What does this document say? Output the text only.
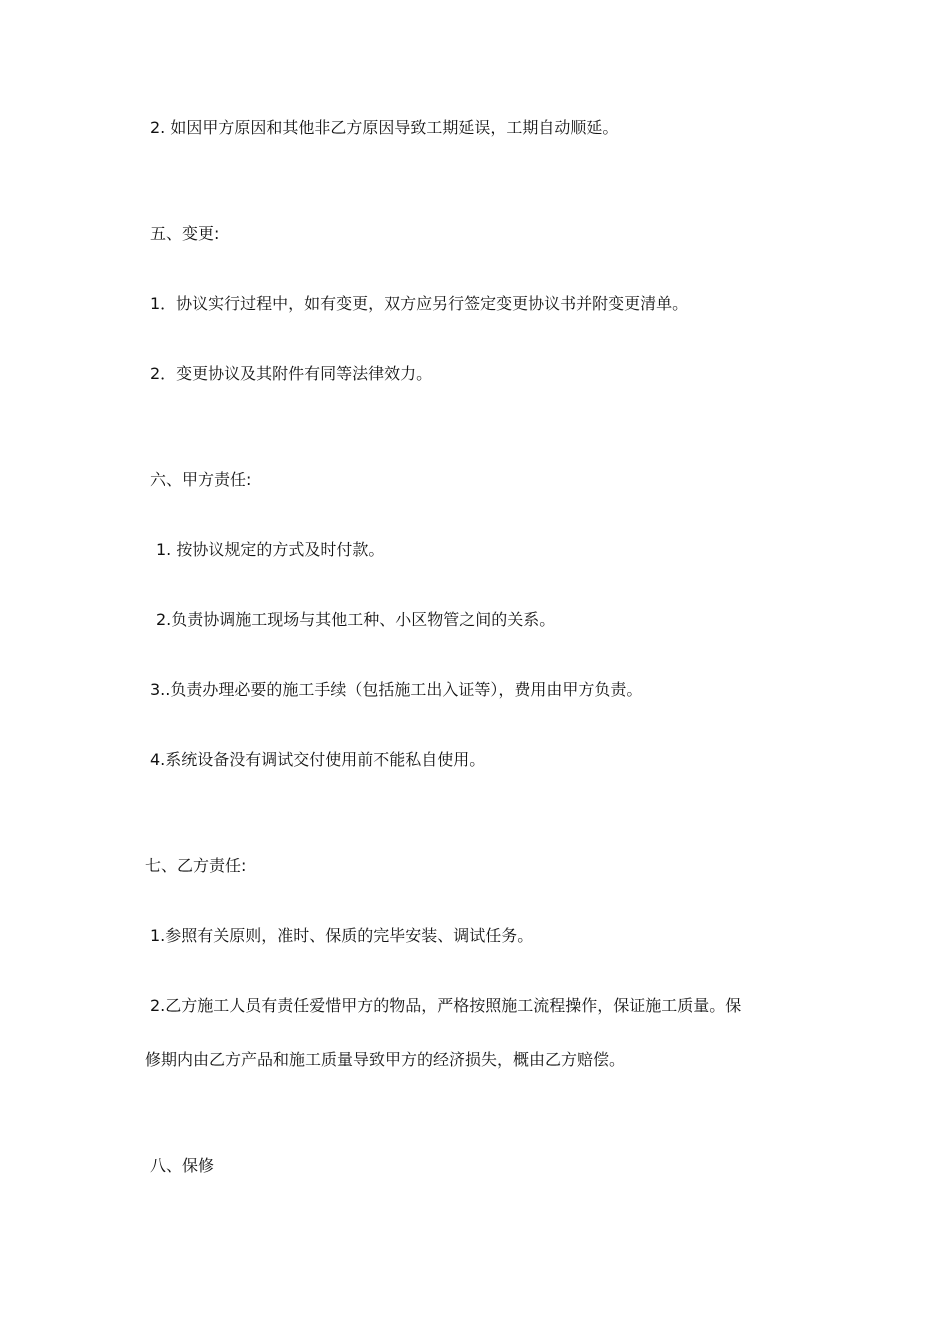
2. 如因甲方原因和其他非乙方原因导致工期延误，工期自动顺延。
五、变更:
1．协议实行过程中，如有变更，双方应另行签定变更协议书并附变更清单。
2．变更协议及其附件有同等法律效力。
六、甲方责任:
1. 按协议规定的方式及时付款。
2.负责协调施工现场与其他工种、小区物管之间的关系。
3..负责办理必要的施工手续（包括施工出入证等），费用由甲方负责。
4.系统设备没有调试交付使用前不能私自使用。
七、乙方责任:
1.参照有关原则，准时、保质的完毕安装、调试任务。
2.乙方施工人员有责任爱惜甲方的物品，严格按照施工流程操作，保证施工质量。保
修期内由乙方产品和施工质量导致甲方的经济损失，概由乙方赔偿。
八、保修
